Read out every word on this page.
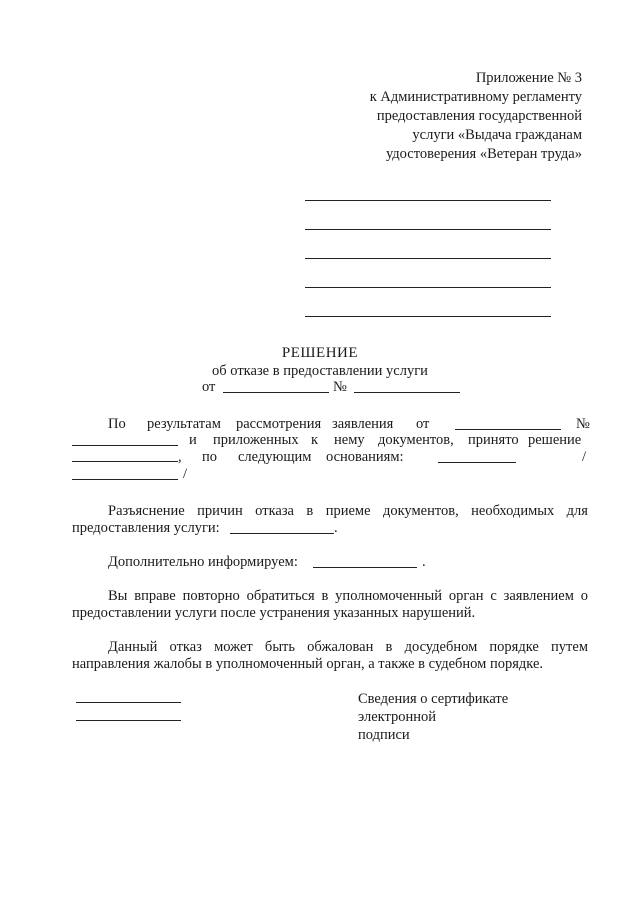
Приложение № 3
к Административному регламенту
предоставления государственной
услуги «Выдача гражданам
удостоверения «Ветеран труда»
РЕШЕНИЕ
об отказе в предоставлении услуги
от	№
По результатам рассмотрения заявления от	№
и приложенных к нему документов, принято решение
, по следующим основаниям:	/
/
Разъяснение причин отказа в приеме документов, необходимых для
предоставления услуги:	.
Дополнительно информируем:	.
Вы вправе повторно обратиться в уполномоченный орган с заявлением о
предоставлении услуги после устранения указанных нарушений.
Данный отказ может быть обжалован в досудебном порядке путем
направления жалобы в уполномоченный орган, а также в судебном порядке.
Сведения о сертификате
электронной
подписи
